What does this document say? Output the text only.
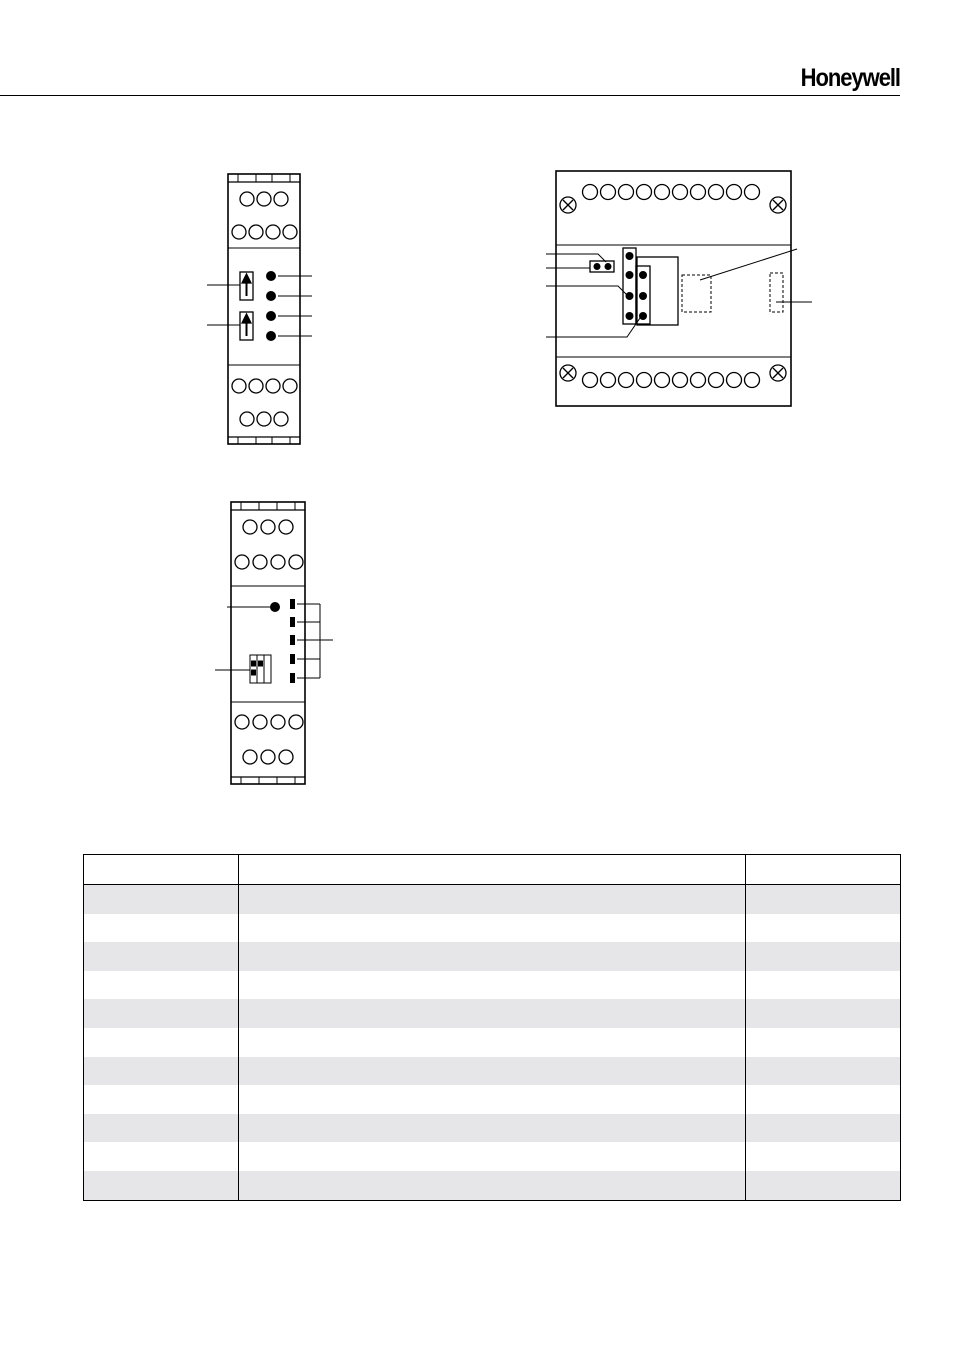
Honeywell
